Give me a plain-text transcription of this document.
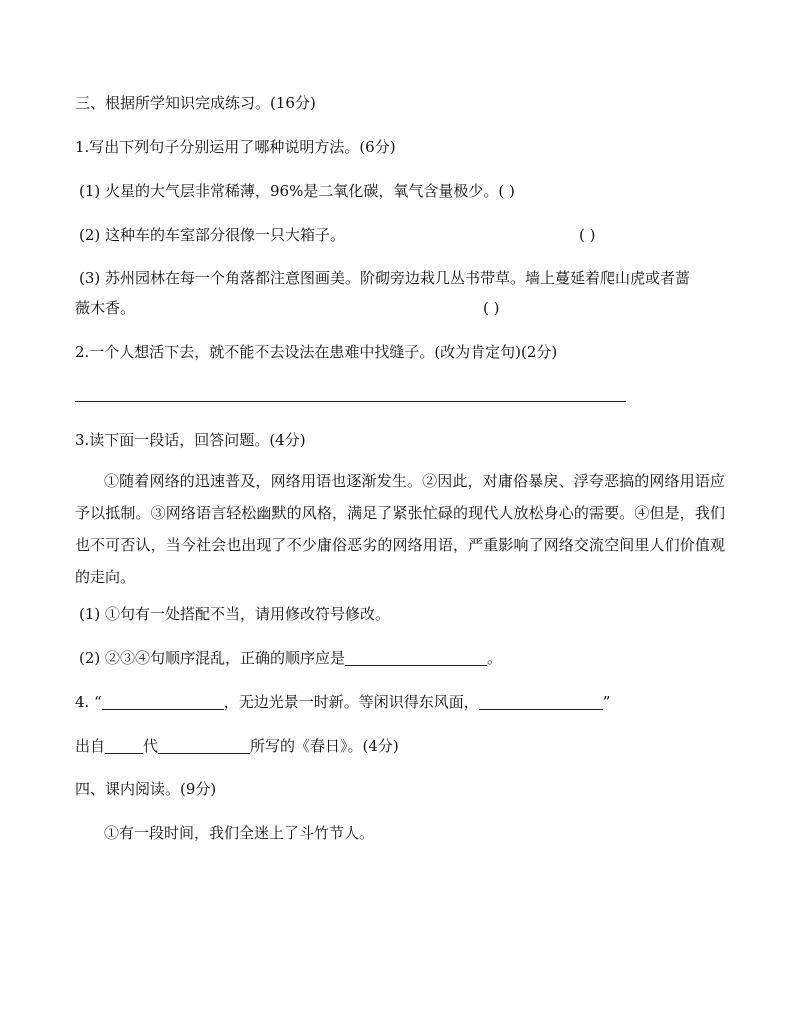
三、根据所学知识完成练习。(16分)
1.写出下列句子分别运用了哪种说明方法。(6分)
(1) 火星的大气层非常稀薄，96%是二氧化碳，氧气含量极少。( )
(2) 这种车的车室部分很像一只大箱子。	( )
(3) 苏州园林在每一个角落都注意图画美。阶砌旁边栽几丛书带草。墙上蔓延着爬山虎或者蔷
薇木香。	( )
2.一个人想活下去，就不能不去设法在患难中找缝子。(改为肯定句)(2分)
3.读下面一段话，回答问题。(4分)
①随着网络的迅速普及，网络用语也逐渐发生。②因此，对庸俗暴戾、浮夸恶搞的网络用语应予以抵制。③网络语言轻松幽默的风格，满足了紧张忙碌的现代人放松身心的需要。④但是，我们也不可否认，当今社会也出现了不少庸俗恶劣的网络用语，严重影响了网络交流空间里人们价值观的走向。
(1) ①句有一处搭配不当，请用修改符号修改。
(2) ②③④句顺序混乱，正确的顺序应是	。
4. “	，无边光景一时新。等闲识得东风面，	”
出自	代	所写的《春日》。(4分)
四、课内阅读。(9分)
①有一段时间，我们全迷上了斗竹节人。
